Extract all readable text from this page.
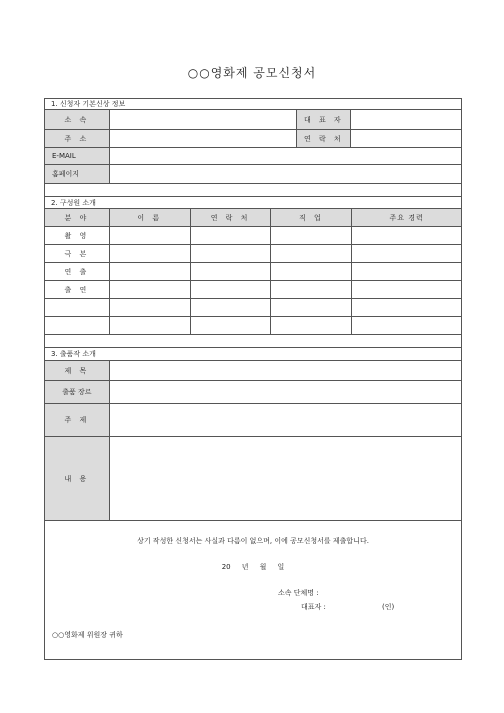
○○영화제 공모신청서
1. 신청자 기본신상 정보
소 속	대 표 자
주 소	연 락 처
E-MAIL
홈페이지
2. 구성원 소개
분 야	이 름	연 락 처	직 업	주요 경력
촬 영
극 본
연 출
출 연
3. 출품작 소개
제 목
출품 장르
주 제
내 용
상기 작성한 신청서는 사실과 다름이 없으며, 이에 공모신청서를 제출합니다.
20     년     월     일
소속 단체명 :
대표자 :	(인)
○○영화제 위원장 귀하
